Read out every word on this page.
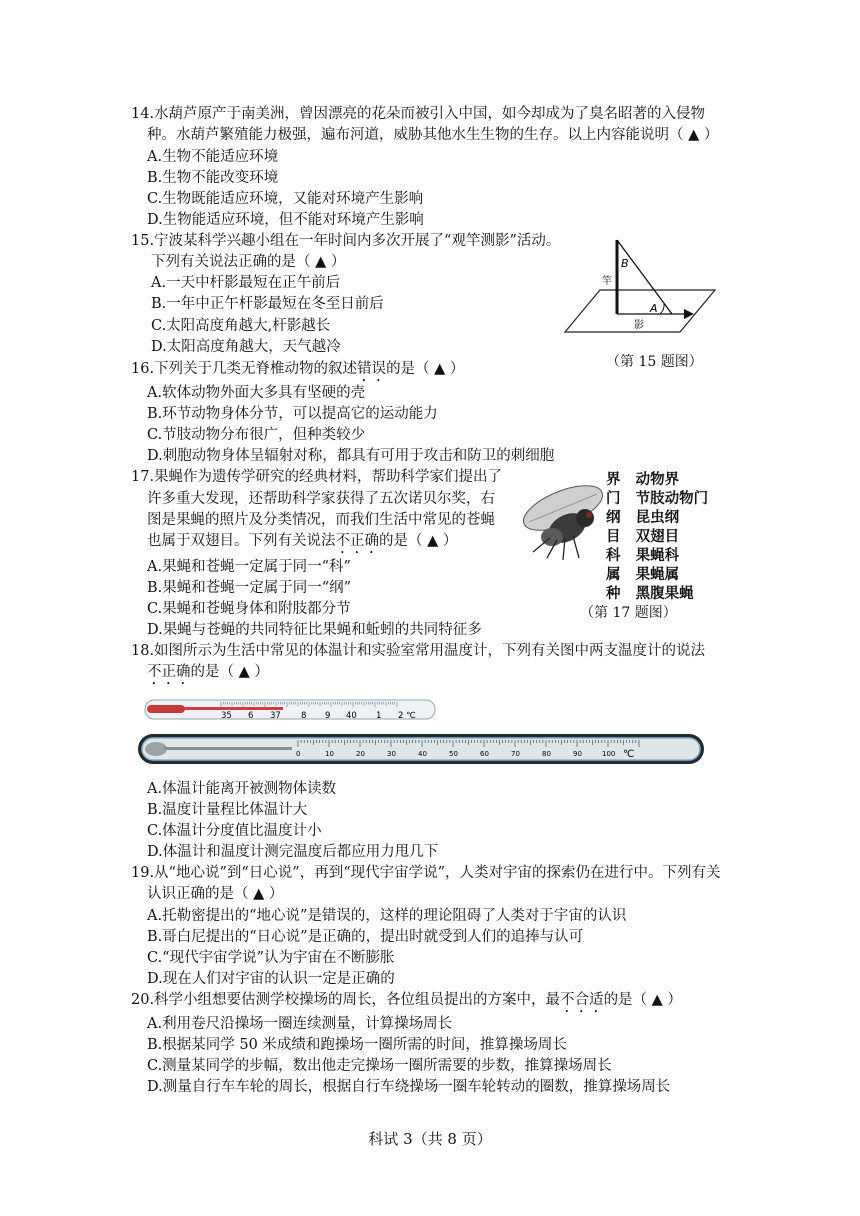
14.水葫芦原产于南美洲，曾因漂亮的花朵而被引入中国，如今却成为了臭名昭著的入侵物
种。水葫芦繁殖能力极强，遍布河道，威胁其他水生生物的生存。以上内容能说明（ ▲ ）
A.生物不能适应环境
B.生物不能改变环境
C.生物既能适应环境，又能对环境产生影响
D.生物能适应环境，但不能对环境产生影响
15.宁波某科学兴趣小组在一年时间内多次开展了“观竿测影”活动。
下列有关说法正确的是（ ▲ ）
A.一天中杆影最短在正午前后
B.一年中正午杆影最短在冬至日前后
C.太阳高度角越大,杆影越长
D.太阳高度角越大，天气越冷
竿
B
A
影
（第 15 题图）
16.下列关于几类无脊椎动物的叙述错误的是（ ▲ ）
A.软体动物外面大多具有坚硬的壳
B.环节动物身体分节，可以提高它的运动能力
C.节肢动物分布很广，但种类较少
D.刺胞动物身体呈辐射对称，都具有可用于攻击和防卫的刺细胞
17.果蝇作为遗传学研究的经典材料，帮助科学家们提出了
许多重大发现，还帮助科学家获得了五次诺贝尔奖，右
图是果蝇的照片及分类情况，而我们生活中常见的苍蝇
也属于双翅目。下列有关说法不正确的是（ ▲ ）
A.果蝇和苍蝇一定属于同一“科”
B.果蝇和苍蝇一定属于同一“纲”
C.果蝇和苍蝇身体和附肢都分节
D.果蝇与苍蝇的共同特征比果蝇和蚯蚓的共同特征多
界   动物界
门   节肢动物门
纲   昆虫纲
目   双翅目
科   果蝇科
属   果蝇属
种   黑腹果蝇
（第 17 题图）
18.如图所示为生活中常见的体温计和实验室常用温度计，下列有关图中两支温度计的说法
不正确的是（ ▲ ）
35 6 37 8 9 40 1 2 ℃
0	10	20	30	40	50	60	70	80	90	100 ℃
A.体温计能离开被测物体读数
B.温度计量程比体温计大
C.体温计分度值比温度计小
D.体温计和温度计测完温度后都应用力甩几下
19.从“地心说”到“日心说”，再到“现代宇宙学说”，人类对宇宙的探索仍在进行中。下列有关
认识正确的是（ ▲ ）
A.托勒密提出的“地心说”是错误的，这样的理论阻碍了人类对于宇宙的认识
B.哥白尼提出的“日心说”是正确的，提出时就受到人们的追捧与认可
C.“现代宇宙学说”认为宇宙在不断膨胀
D.现在人们对宇宙的认识一定是正确的
20.科学小组想要估测学校操场的周长，各位组员提出的方案中，最不合适的是（ ▲ ）
A.利用卷尺沿操场一圈连续测量，计算操场周长
B.根据某同学 50 米成绩和跑操场一圈所需的时间，推算操场周长
C.测量某同学的步幅，数出他走完操场一圈所需要的步数，推算操场周长
D.测量自行车车轮的周长，根据自行车绕操场一圈车轮转动的圈数，推算操场周长
科试 3（共 8 页）
